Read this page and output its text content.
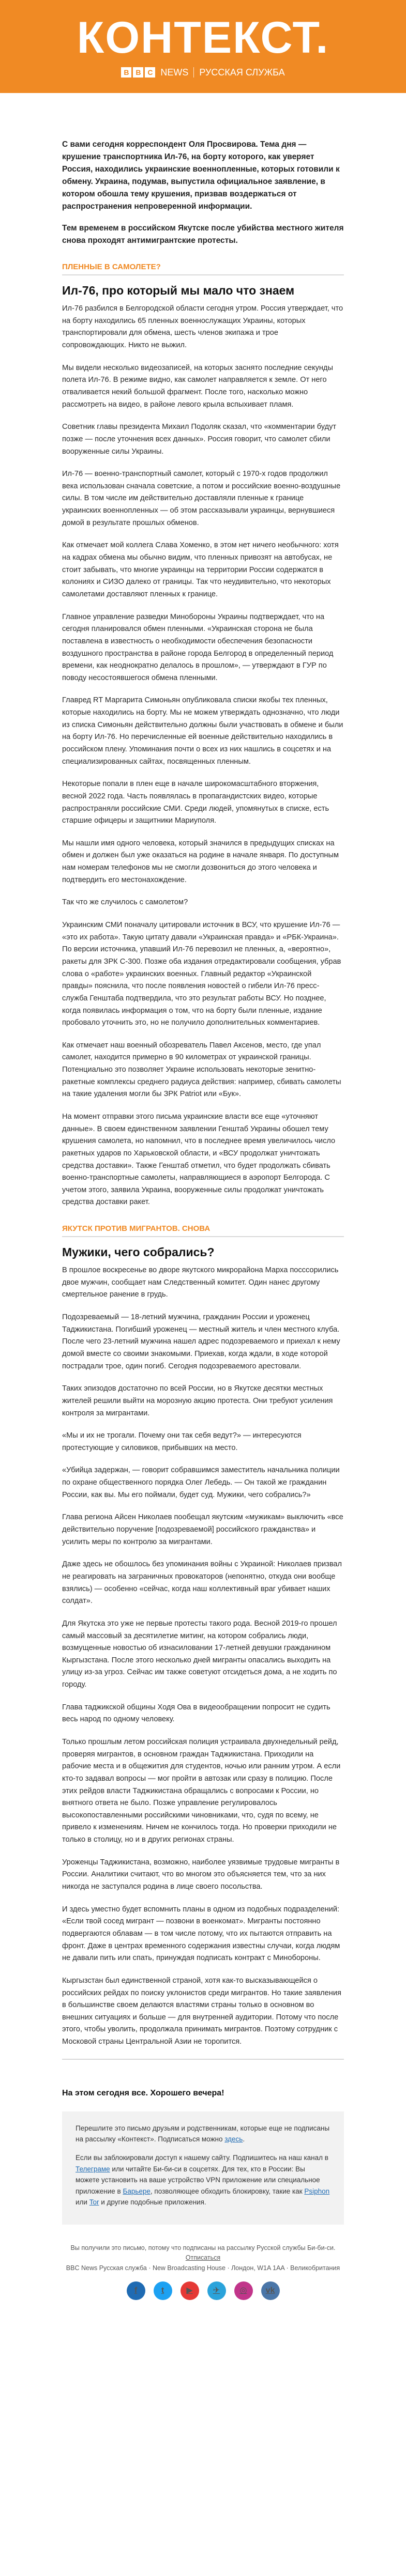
КОНТЕКСТ.
B B C NEWS РУССКАЯ СЛУЖБА

С вами сегодня корреспондент Оля Просвирова. Тема дня — крушение транспортника Ил-76, на борту которого, как уверяет Россия, находились украинские военнопленные, которых готовили к обмену. Украина, подумав, выпустила официальное заявление, в котором обошла тему крушения, призвав воздержаться от распространения непроверенной информации.

Тем временем в российском Якутске после убийства местного жителя снова проходят антимигрантские протесты.

ПЛЕННЫЕ В САМОЛЕТЕ?
Ил-76, про который мы мало что знаем

Ил-76 разбился в Белгородской области сегодня утром. Россия утверждает, что на борту находились 65 пленных военнослужащих Украины, которых транспортировали для обмена, шесть членов экипажа и трое сопровождающих. Никто не выжил.

Мы видели несколько видеозаписей, на которых заснято последние секунды полета Ил-76. В режиме видно, как самолет направляется к земле. От него отваливается некий большой фрагмент. После того, насколько можно рассмотреть на видео, в районе левого крыла вспыхивает пламя.

Советник главы президента Михаил Подоляк сказал, что «комментарии будут позже — после уточнения всех данных». Россия говорит, что самолет сбили вооруженные силы Украины.

Ил-76 — военно-транспортный самолет, который с 1970-х годов продолжил века использован сначала советские, а потом и российские военно-воздушные силы. В том числе им действительно доставляли пленные к границе украинских военнопленных — об этом рассказывали украинцы, вернувшиеся домой в результате прошлых обменов.

Как отмечает мой коллега Слава Хоменко, в этом нет ничего необычного: хотя на кадрах обмена мы обычно видим, что пленных привозят на автобусах, не стоит забывать, что многие украинцы на территории России содержатся в колониях и СИЗО далеко от границы. Так что неудивительно, что некоторых самолетами доставляют пленных к границе.

Главное управление разведки Минобороны Украины подтверждает, что на сегодня планировался обмен пленными. «Украинская сторона не была поставлена в известность о необходимости обеспечения безопасности воздушного пространства в районе города Белгород в определенный период времени, как неоднократно делалось в прошлом», — утверждают в ГУР по поводу несостоявшегося обмена пленными.

Главред RT Маргарита Симоньян опубликовала списки якобы тех пленных, которые находились на борту. Мы не можем утверждать однозначно, что люди из списка Симоньян действительно должны были участвовать в обмене и были на борту Ил-76. Но перечисленные ей военные действительно находились в российском плену. Упоминания почти о всех из них нашлись в соцсетях и на специализированных сайтах, посвященных пленным.

Некоторые попали в плен еще в начале широкомасштабного вторжения, весной 2022 года. Часть появлялась в пропагандистских видео, которые распространяли российские СМИ. Среди людей, упомянутых в списке, есть старшие офицеры и защитники Мариуполя.

Мы нашли имя одного человека, который значился в предыдущих списках на обмен и должен был уже оказаться на родине в начале января. По доступным нам номерам телефонов мы не смогли дозвониться до этого человека и подтвердить его местонахождение.

Так что же случилось с самолетом?

Украинским СМИ поначалу цитировали источник в ВСУ, что крушение Ил-76 — «это их работа». Такую цитату давали «Украинская правда» и «РБК-Украина». По версии источника, упавший Ил-76 перевозил не пленных, а, «вероятно», ракеты для ЗРК С-300. Позже оба издания отредактировали сообщения, убрав слова о «работе» украинских военных. Главный редактор «Украинской правды» пояснила, что после появления новостей о гибели Ил-76 пресс-служба Генштаба подтвердила, что это результат работы ВСУ. Но позднее, когда появилась информация о том, что на борту были пленные, издание пробовало уточнить это, но не получило дополнительных комментариев.

Как отмечает наш военный обозреватель Павел Аксенов, место, где упал самолет, находится примерно в 90 километрах от украинской границы. Потенциально это позволяет Украине использовать некоторые зенитно-ракетные комплексы среднего радиуса действия: например, сбивать самолеты на такие удаления могли бы ЗРК Patriot или «Бук».

На момент отправки этого письма украинские власти все еще «уточняют данные». В своем единственном заявлении Генштаб Украины обошел тему крушения самолета, но напомнил, что в последнее время увеличилось число ракетных ударов по Харьковской области, и «ВСУ продолжат уничтожать средства доставки». Также Генштаб отметил, что будет продолжать сбивать военно-транспортные самолеты, направляющиеся в аэропорт Белгорода. С учетом этого, заявила Украина, вооруженные силы продолжат уничтожать средства доставки ракет.

ЯКУТСК ПРОТИВ МИГРАНТОВ. СНОВА
Мужики, чего собрались?

В прошлое воскресенье во дворе якутского микрорайона Марха посссорились двое мужчин, сообщает нам Следственный комитет. Один нанес другому смертельное ранение в грудь.

Подозреваемый — 18-летний мужчина, гражданин России и уроженец Таджикистана. Погибший уроженец — местный житель и член местного клуба. После чего 23-летний мужчина нашел адрес подозреваемого и приехал к нему домой вместе со своими знакомыми. Приехав, когда ждали, в ходе которой пострадали трое, один погиб. Сегодня подозреваемого арестовали.

Таких эпизодов достаточно по всей России, но в Якутске десятки местных жителей решили выйти на морозную акцию протеста. Они требуют усиления контроля за мигрантами.

«Мы и их не трогали. Почему они так себя ведут?» — интересуются протестующие у силовиков, прибывших на место.

«Убийца задержан, — говорит собравшимся заместитель начальника полиции по охране общественного порядка Олег Лебедь. — Он такой же гражданин России, как вы. Мы его поймали, будет суд. Мужики, чего собрались?»

Глава региона Айсен Николаев пообещал якутским «мужикам» выключить «все действительно поручение [подозреваемой] российского гражданства» и усилить меры по контролю за мигрантами.

Даже здесь не обошлось без упоминания войны с Украиной: Николаев призвал не реагировать на заграничных провокаторов (непонятно, откуда они вообще взялись) — особенно «сейчас, когда наш коллективный враг убивает наших солдат».

Для Якутска это уже не первые протесты такого рода. Весной 2019-го прошел самый массовый за десятилетие митинг, на котором собрались люди, возмущенные новостью об изнасиловании 17-летней девушки гражданином Кыргызстана. После этого несколько дней мигранты опасались выходить на улицу из-за угроз. Сейчас им также советуют отсидеться дома, а не ходить по городу.

Глава таджикской общины Ходя Ова в видеообращении попросит не судить весь народ по одному человеку.

Только прошлым летом российская полиция устраивала двухнедельный рейд, проверяя мигрантов, в основном граждан Таджикистана. Приходили на рабочие места и в общежития для студентов, ночью или ранним утром. А если кто-то задавал вопросы — мог пройти в автозак или сразу в полицию. После этих рейдов власти Таджикистана обращались с вопросами к России, но внятного ответа не было. Позже управление регулировалось высокопоставленными российскими чиновниками, что, судя по всему, не привело к изменениям. Ничем не кончилось тогда. Но проверки приходили не только в столицу, но и в других регионах страны.

Уроженцы Таджикистана, возможно, наиболее уязвимые трудовые мигранты в России. Аналитики считают, что во многом это объясняется тем, что за них никогда не заступался родина в лице своего посольства.

И здесь уместно будет вспомнить планы в одном из подобных подразделений: «Если твой сосед мигрант — позвони в военкомат». Мигранты постоянно подвергаются облавам — в том числе потому, что их пытаются отправить на фронт. Даже в центрах временного содержания известны случаи, когда людям не давали пить или спать, принуждая подписать контракт с Минобороны.

Кыргызстан был единственной страной, хотя как-то высказывающейся о российских рейдах по поиску уклонистов среди мигрантов. Но такие заявления в большинстве своем делаются властями страны только в основном во внешних ситуациях и больше — для внутренней аудитории. Потому что после этого, чтобы уволить, продолжала принимать мигрантов. Поэтому сотрудник с Московой страны Центральной Азии не торопится.

На этом сегодня все. Хорошего вечера!

Перешлите это письмо друзьям и родственникам, которые еще не подписаны на рассылку «Контекст». Подписаться можно здесь.

Если вы заблокировали доступ к нашему сайту. Подпишитесь на наш канал в Телеграме или читайте Би-би-си в соцсетях. Для тех, кто в России: Вы можете установить на ваше устройство VPN приложение или специальное приложение в Барьере, позволяющее обходить блокировку, такие как Psiphon или Tor и другие подобные приложения.

Вы получили это письмо, потому что подписаны на рассылку Русской службы Би-би-си.
Отписаться
BBC News Русская служба · New Broadcasting House · Лондон, W1A 1AA · Великобритания
f	t	▶	✈	◎	vk
